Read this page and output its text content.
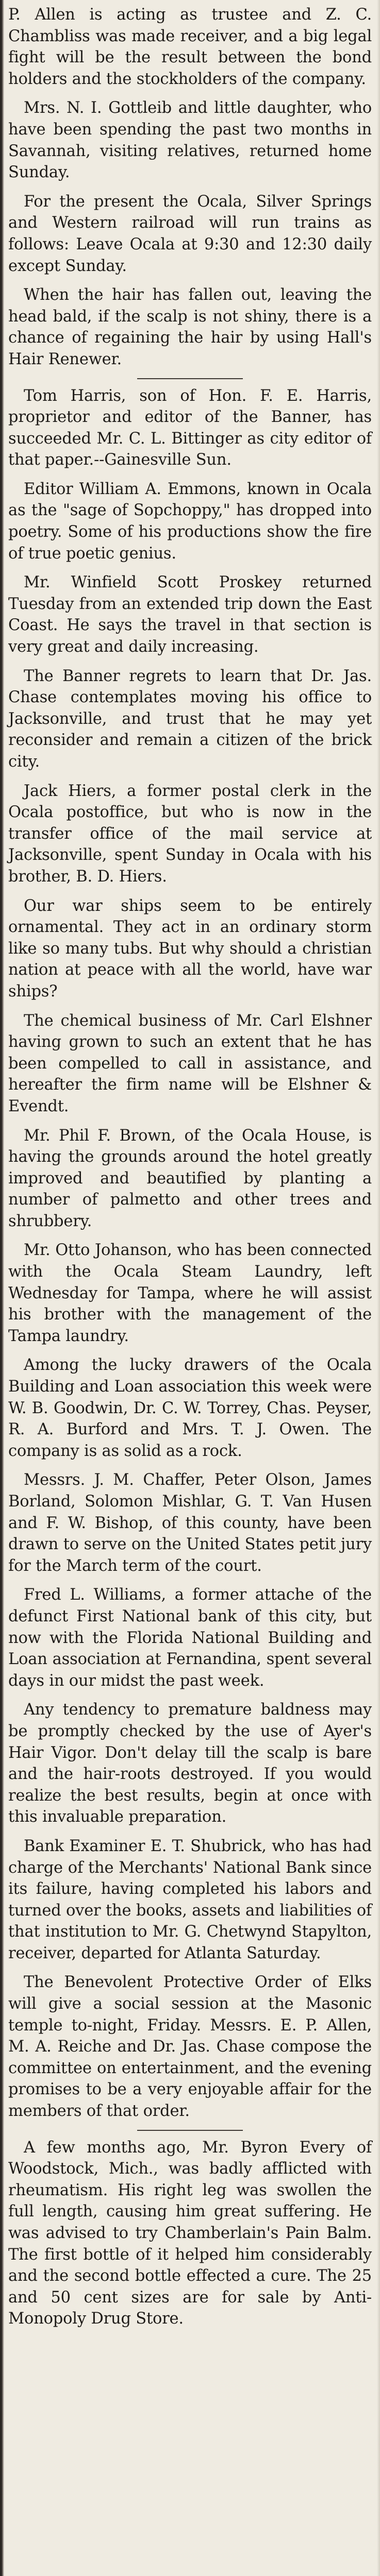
P. Allen is acting as trustee and Z. C. Chambliss was made receiver, and a big legal fight will be the result between the bond holders and the stockholders of the company.

Mrs. N. I. Gottleib and little daughter, who have been spending the past two months in Savannah, visiting relatives, returned home Sunday.

For the present the Ocala, Silver Springs and Western railroad will run trains as follows: Leave Ocala at 9:30 and 12:30 daily except Sunday.

When the hair has fallen out, leaving the head bald, if the scalp is not shiny, there is a chance of regaining the hair by using Hall's Hair Renewer.

Tom Harris, son of Hon. F. E. Harris, proprietor and editor of the Banner, has succeeded Mr. C. L. Bittinger as city editor of that paper.--Gainesville Sun.

Editor William A. Emmons, known in Ocala as the "sage of Sopchoppy," has dropped into poetry. Some of his productions show the fire of true poetic genius.

Mr. Winfield Scott Proskey returned Tuesday from an extended trip down the East Coast. He says the travel in that section is very great and daily increasing.

The Banner regrets to learn that Dr. Jas. Chase contemplates moving his office to Jacksonville, and trust that he may yet reconsider and remain a citizen of the brick city.

Jack Hiers, a former postal clerk in the Ocala postoffice, but who is now in the transfer office of the mail service at Jacksonville, spent Sunday in Ocala with his brother, B. D. Hiers.

Our war ships seem to be entirely ornamental. They act in an ordinary storm like so many tubs. But why should a christian nation at peace with all the world, have war ships?

The chemical business of Mr. Carl Elshner having grown to such an extent that he has been compelled to call in assistance, and hereafter the firm name will be Elshner & Evendt.

Mr. Phil F. Brown, of the Ocala House, is having the grounds around the hotel greatly improved and beautified by planting a number of palmetto and other trees and shrubbery.

Mr. Otto Johanson, who has been connected with the Ocala Steam Laundry, left Wednesday for Tampa, where he will assist his brother with the management of the Tampa laundry.

Among the lucky drawers of the Ocala Building and Loan association this week were W. B. Goodwin, Dr. C. W. Torrey, Chas. Peyser, R. A. Burford and Mrs. T. J. Owen. The company is as solid as a rock.

Messrs. J. M. Chaffer, Peter Olson, James Borland, Solomon Mishlar, G. T. Van Husen and F. W. Bishop, of this county, have been drawn to serve on the United States petit jury for the March term of the court.

Fred L. Williams, a former attache of the defunct First National bank of this city, but now with the Florida National Building and Loan association at Fernandina, spent several days in our midst the past week.

Any tendency to premature baldness may be promptly checked by the use of Ayer's Hair Vigor. Don't delay till the scalp is bare and the hair-roots destroyed. If you would realize the best results, begin at once with this invaluable preparation.

Bank Examiner E. T. Shubrick, who has had charge of the Merchants' National Bank since its failure, having completed his labors and turned over the books, assets and liabilities of that institution to Mr. G. Chetwynd Stapylton, receiver, departed for Atlanta Saturday.

The Benevolent Protective Order of Elks will give a social session at the Masonic temple to-night, Friday. Messrs. E. P. Allen, M. A. Reiche and Dr. Jas. Chase compose the committee on entertainment, and the evening promises to be a very enjoyable affair for the members of that order.

A few months ago, Mr. Byron Every of Woodstock, Mich., was badly afflicted with rheumatism. His right leg was swollen the full length, causing him great suffering. He was advised to try Chamberlain's Pain Balm. The first bottle of it helped him considerably and the second bottle effected a cure. The 25 and 50 cent sizes are for sale by Anti-Monopoly Drug Store.
